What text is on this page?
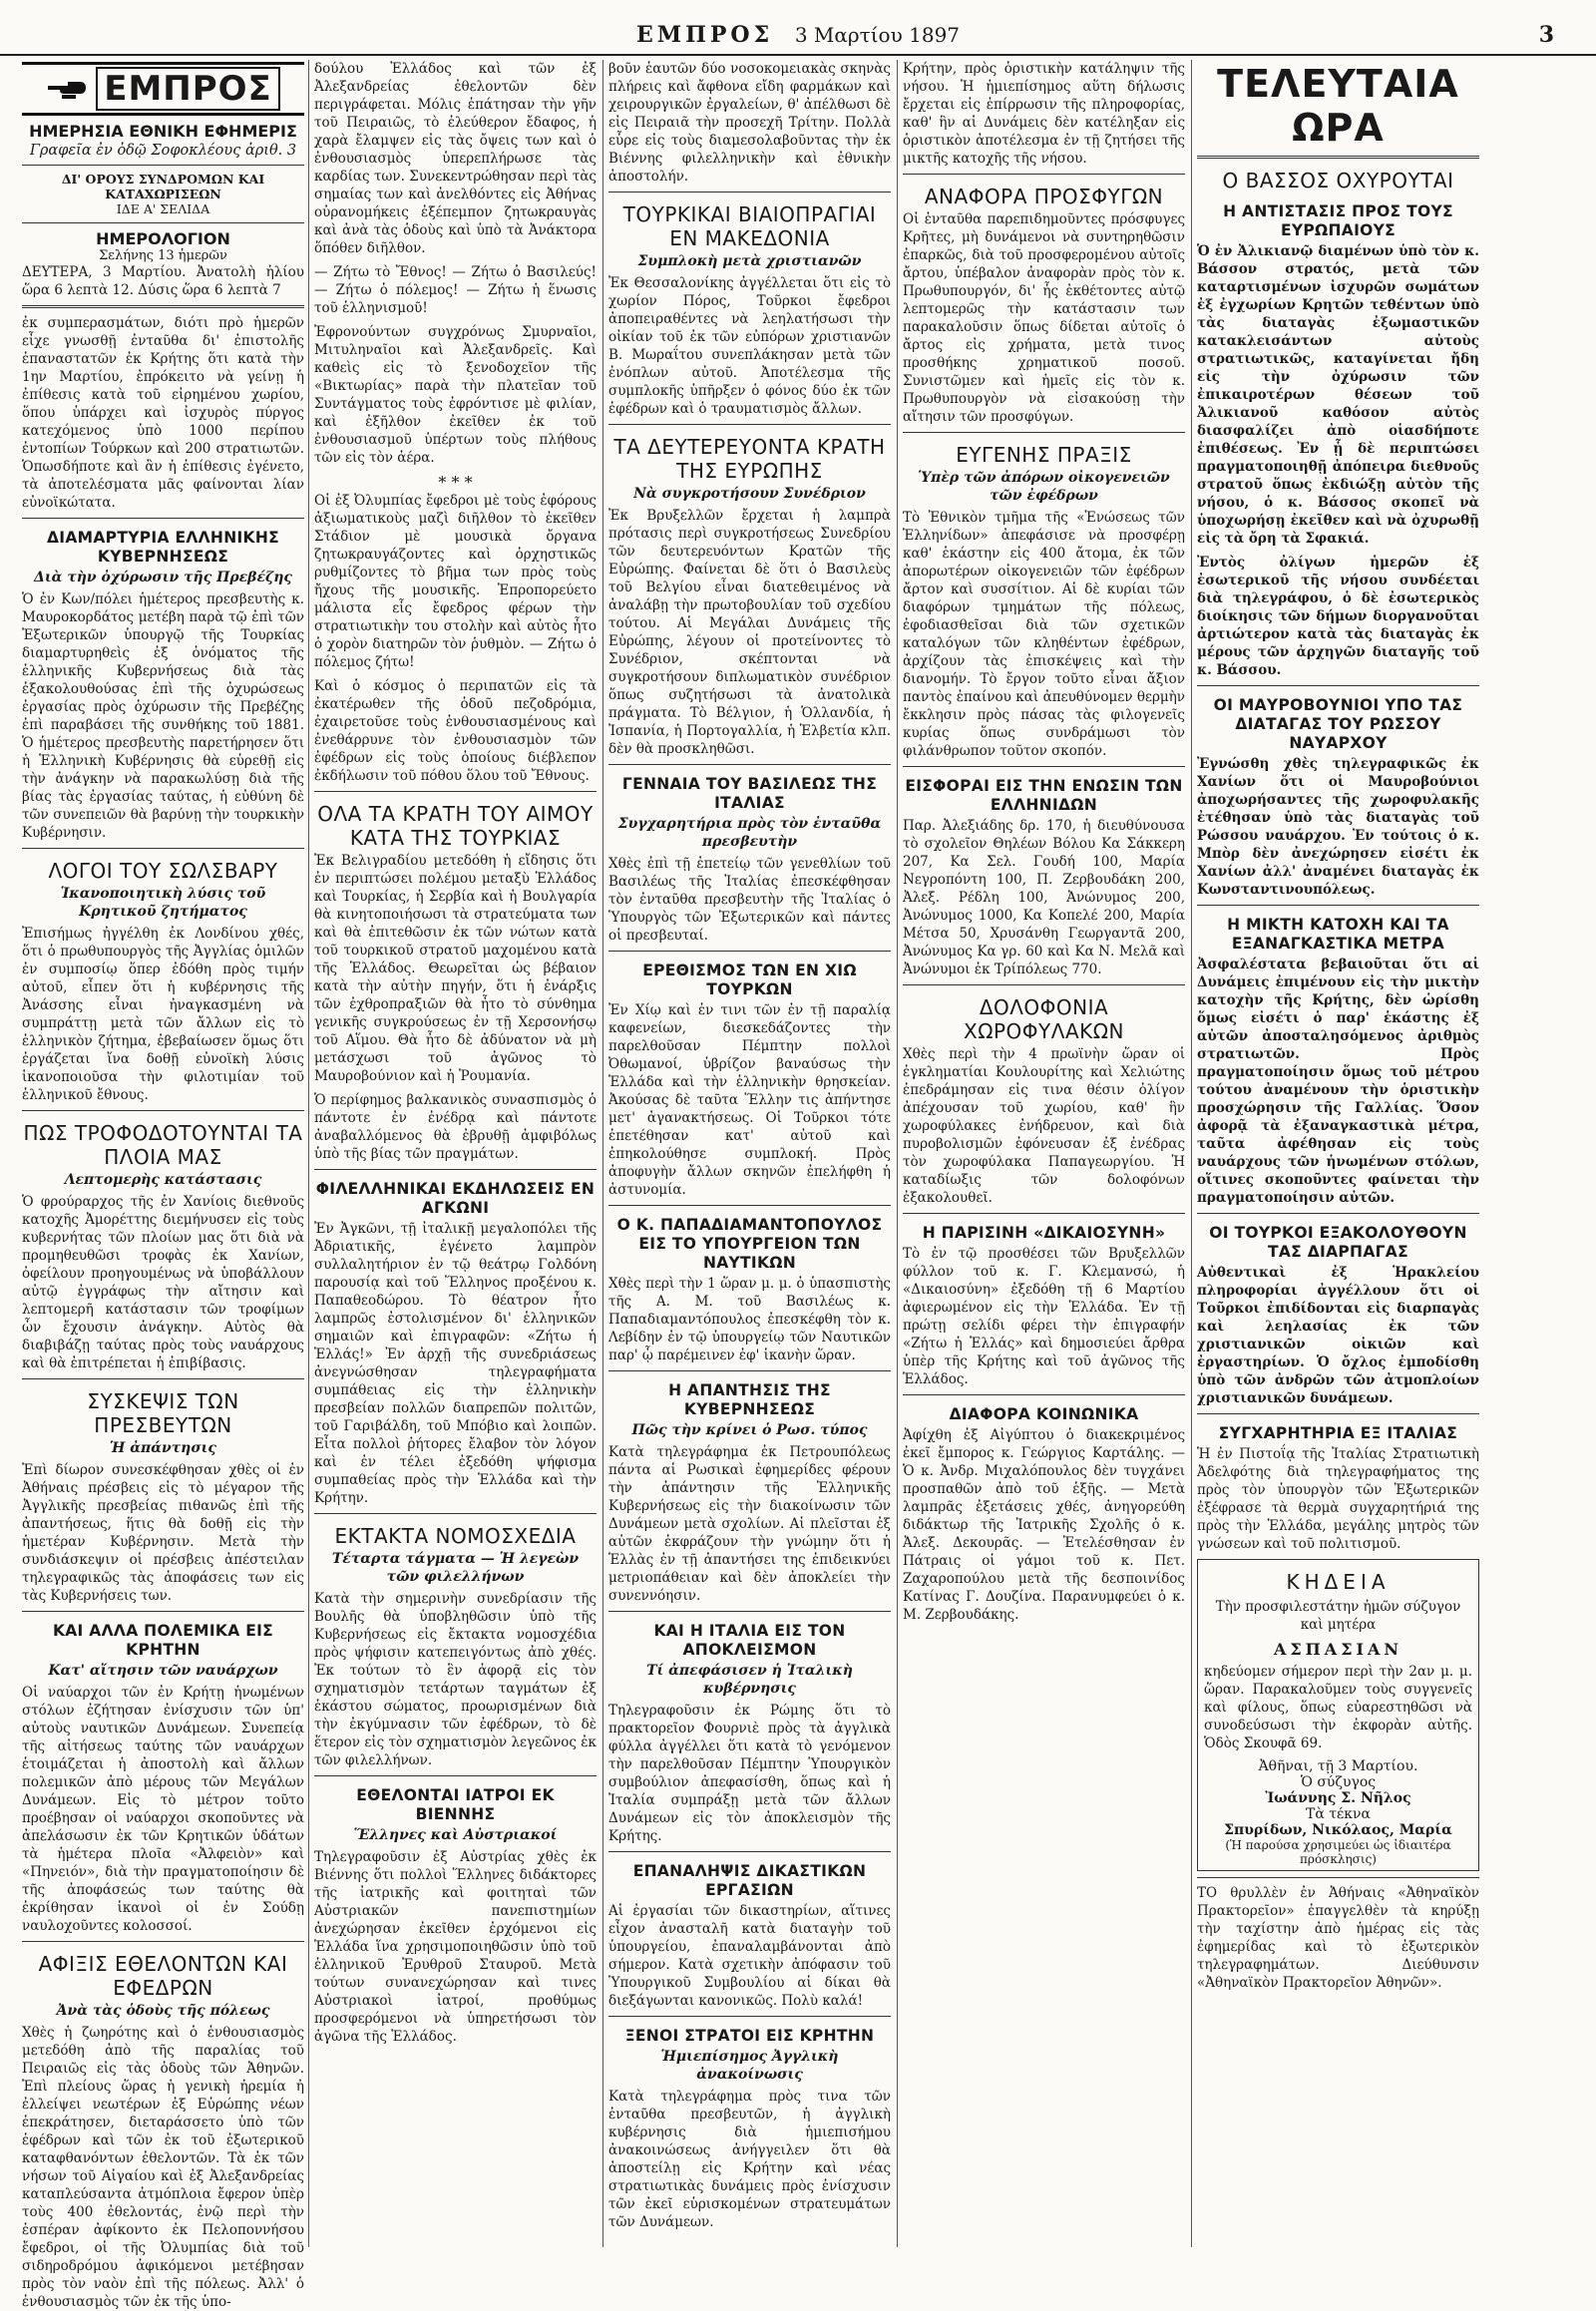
ΕΜΠΡΟΣ 3 Μαρτίου 1897	3
ΕΜΠΡΟΣ
ΗΜΕΡΗΣΙΑ ΕΘΝΙΚΗ ΕΦΗΜΕΡΙΣ
Γραφεῖα ἐν ὁδῷ Σοφοκλέους ἀριθ. 3
ΔΙ' ΟΡΟΥΣ ΣΥΝΔΡΟΜΩΝ ΚΑΙ ΚΑΤΑΧΩΡΙΣΕΩΝ
ΙΔΕ Α' ΣΕΛΙΔΑ
ΗΜΕΡΟΛΟΓΙΟΝ
Σελήνης 13 ἡμερῶν
ΔΕΥΤΕΡΑ, 3 Μαρτίου. Ἀνατολὴ ἡλίου ὥρα 6 λεπτὰ 12. Δύσις ὥρα 6 λεπτὰ 7

ἐκ συμπερασμάτων, διότι πρὸ ἡμερῶν εἶχε γνωσθῇ ἐνταῦθα δι' ἐπιστολῆς ἐπαναστατῶν ἐκ Κρήτης ὅτι κατὰ τὴν 1ην Μαρτίου, ἐπρόκειτο νὰ γείνῃ ἡ ἐπίθεσις κατὰ τοῦ εἰρημένου χωρίου, ὅπου ὑπάρχει καὶ ἰσχυρὸς πύργος κατεχόμενος ὑπὸ 1000 περίπου ἐντοπίων Τούρκων καὶ 200 στρατιωτῶν. Ὁπωσδήποτε καὶ ἂν ἡ ἐπίθεσις ἐγένετο, τὰ ἀποτελέσματα μᾶς φαίνονται λίαν εὐνοϊκώτατα.

ΔΙΑΜΑΡΤΥΡΙΑ ΕΛΛΗΝΙΚΗΣ ΚΥΒΕΡΝΗΣΕΩΣ
Διὰ τὴν ὀχύρωσιν τῆς Πρεβέζης

Ὁ ἐν Κων/πόλει ἡμέτερος πρεσβευτὴς κ. Μαυροκορδάτος μετέβη παρὰ τῷ ἐπὶ τῶν Ἐξωτερικῶν ὑπουργῷ τῆς Τουρκίας διαμαρτυρηθεὶς ἐξ ὀνόματος τῆς ἑλληνικῆς Κυβερνήσεως διὰ τὰς ἐξακολουθούσας ἐπὶ τῆς ὀχυρώσεως ἐργασίας πρὸς ὀχύρωσιν τῆς Πρεβέζης ἐπὶ παραβάσει τῆς συνθήκης τοῦ 1881. Ὁ ἡμέτερος πρεσβευτὴς παρετήρησεν ὅτι ἡ Ἑλληνικὴ Κυβέρνησις θὰ εὑρεθῇ εἰς τὴν ἀνάγκην νὰ παρακωλύσῃ διὰ τῆς βίας τὰς ἐργασίας ταύτας, ἡ εὐθύνη δὲ τῶν συνεπειῶν θὰ βαρύνῃ τὴν τουρκικὴν Κυβέρνησιν.

ΛΟΓΟΙ ΤΟΥ ΣΩΛΣΒΑΡΥ
Ἱκανοποιητικὴ λύσις τοῦ Κρητικοῦ ζητήματος

Ἐπισήμως ἠγγέλθη ἐκ Λονδίνου χθές, ὅτι ὁ πρωθυπουργὸς τῆς Ἀγγλίας ὁμιλῶν ἐν συμποσίῳ ὅπερ ἐδόθη πρὸς τιμήν αὐτοῦ, εἶπεν ὅτι ἡ κυβέρνησις τῆς Ἀνάσσης εἶναι ἠναγκασμένη νὰ συμπράττῃ μετὰ τῶν ἄλλων εἰς τὸ ἑλληνικὸν ζήτημα, ἐβεβαίωσεν ὅμως ὅτι ἐργάζεται ἵνα δοθῇ εὐνοϊκὴ λύσις ἱκανοποιοῦσα τὴν φιλοτιμίαν τοῦ ἑλληνικοῦ ἔθνους.

ΠΩΣ ΤΡΟΦΟΔΟΤΟΥΝΤΑΙ ΤΑ ΠΛΟΙΑ ΜΑΣ
Λεπτομερὴς κατάστασις

Ὁ φρούραρχος τῆς ἐν Χανίοις διεθνοῦς κατοχῆς Ἀμορέττης διεμήνυσεν εἰς τοὺς κυβερνήτας τῶν πλοίων μας ὅτι διὰ νὰ προμηθευθῶσι τροφὰς ἐκ Χανίων, ὀφείλουν προηγουμένως νὰ ὑποβάλλουν αὐτῷ ἐγγράφως τὴν αἴτησιν καὶ λεπτομερῆ κατάστασιν τῶν τροφίμων ὧν ἔχουσιν ἀνάγκην. Αὐτὸς θὰ διαβιβάζῃ ταύτας πρὸς τοὺς ναυάρχους καὶ θὰ ἐπιτρέπεται ἡ ἐπιβίβασις.

ΣΥΣΚΕΨΙΣ ΤΩΝ ΠΡΕΣΒΕΥΤΩΝ
Ἡ ἀπάντησις

Ἐπὶ δίωρον συνεσκέφθησαν χθὲς οἱ ἐν Ἀθήναις πρέσβεις εἰς τὸ μέγαρον τῆς Ἀγγλικῆς πρεσβείας πιθανῶς ἐπὶ τῆς ἀπαντήσεως, ἥτις θὰ δοθῇ εἰς τὴν ἡμετέραν Κυβέρνησιν. Μετὰ τὴν συνδιάσκεψιν οἱ πρέσβεις ἀπέστειλαν τηλεγραφικῶς τὰς ἀποφάσεις των εἰς τὰς Κυβερνήσεις των.

ΚΑΙ ΑΛΛΑ ΠΟΛΕΜΙΚΑ ΕΙΣ ΚΡΗΤΗΝ
Κατ' αἴτησιν τῶν ναυάρχων

Οἱ ναύαρχοι τῶν ἐν Κρήτῃ ἡνωμένων στόλων ἐζήτησαν ἐνίσχυσιν τῶν ὑπ' αὐτοὺς ναυτικῶν Δυνάμεων. Συνεπείᾳ τῆς αἰτήσεως ταύτης τῶν ναυάρχων ἑτοιμάζεται ἡ ἀποστολὴ καὶ ἄλλων πολεμικῶν ἀπὸ μέρους τῶν Μεγάλων Δυνάμεων. Εἰς τὸ μέτρον τοῦτο προέβησαν οἱ ναύαρχοι σκοποῦντες νὰ ἀπελάσωσιν ἐκ τῶν Κρητικῶν ὑδάτων τὰ ἡμέτερα πλοῖα «Ἀλφειὸν» καὶ «Πηνειόν», διὰ τὴν πραγματοποίησιν δὲ τῆς ἀποφάσεώς των ταύτης θὰ ἐκρίθησαν ἱκανοὶ οἱ ἐν Σούδῃ ναυλοχοῦντες κολοσσοί.

ΑΦΙΞΙΣ ΕΘΕΛΟΝΤΩΝ ΚΑΙ ΕΦΕΔΡΩΝ
Ἀνὰ τὰς ὁδοὺς τῆς πόλεως

Χθὲς ἡ ζωηρότης καὶ ὁ ἐνθουσιασμὸς μετεδόθη ἀπὸ τῆς παραλίας τοῦ Πειραιῶς εἰς τὰς ὁδοὺς τῶν Ἀθηνῶν. Ἐπὶ πλείους ὥρας ἡ γενικὴ ἠρεμία ἠ ἐλλείψει νεωτέρων ἐξ Εὐρώπης νέων ἐπεκράτησεν, διεταράσσετο ὑπὸ τῶν ἐφέδρων καὶ τῶν ἐκ τοῦ ἐξωτερικοῦ καταφθανόντων ἐθελοντῶν. Τὰ ἐκ τῶν νήσων τοῦ Αἰγαίου καὶ ἐξ Ἀλεξανδρείας καταπλεύσαντα ἀτμόπλοια ἔφερον ὑπὲρ τοὺς 400 ἐθελοντάς, ἐνῷ περὶ τὴν ἑσπέραν ἀφίκοντο ἐκ Πελοποννήσου ἔφεδροι, οἱ τῆς Ὀλυμπίας διὰ τοῦ σιδηροδρόμου ἀφικόμενοι μετέβησαν πρὸς τὸν ναὸν ἐπὶ τῆς πόλεως. Ἀλλ' ὁ ἐνθουσιασμὸς τῶν ἐκ τῆς ὑπο-

δούλου Ἑλλάδος καὶ τῶν ἐξ Ἀλεξανδρείας ἐθελοντῶν δὲν περιγράφεται. Μόλις ἐπάτησαν τὴν γῆν τοῦ Πειραιῶς, τὸ ἐλεύθερον ἔδαφος, ἡ χαρὰ ἔλαμψεν εἰς τὰς ὄψεις των καὶ ὁ ἐνθουσιασμὸς ὑπερεπλήρωσε τὰς καρδίας των. Συνεκεντρώθησαν περὶ τὰς σημαίας των καὶ ἀνελθόντες εἰς Ἀθήνας οὐρανομήκεις ἐξέπεμπον ζητωκραυγὰς καὶ ἀνὰ τὰς ὁδοὺς καὶ ὑπὸ τὰ Ἀνάκτορα ὅπόθεν διῆλθον.

— Ζήτω τὸ Ἔθνος! — Ζήτω ὁ Βασιλεύς! — Ζήτω ὁ πόλεμος! — Ζήτω ἡ ἕνωσις τοῦ ἑλληνισμοῦ!

Ἐφρονούντων συγχρόνως Σμυρναῖοι, Μιτυληναῖοι καὶ Ἀλεξανδρεῖς. Καὶ καθεὶς εἰς τὸ ξενοδοχεῖον τῆς «Βικτωρίας» παρὰ τὴν πλατεῖαν τοῦ Συντάγματος τοὺς ἐφρόντισε μὲ φιλίαν, καὶ ἐξῆλθον ἐκεῖθεν ἐκ τοῦ ἐνθουσιασμοῦ ὑπέρτων τοὺς πλήθους τῶν εἰς τὸν ἀέρα.

* * *

Οἱ ἐξ Ὀλυμπίας ἔφεδροι μὲ τοὺς ἐφόρους ἀξιωματικοὺς μαζὶ διῆλθον τὸ ἐκεῖθεν Στάδιον μὲ μουσικὰ ὄργανα ζητωκραυγάζοντες καὶ ὀρχηστικῶς ρυθμίζοντες τὸ βῆμα των πρὸς τοὺς ἤχους τῆς μουσικῆς. Ἐπροπορεύετο μάλιστα εἷς ἔφεδρος φέρων τὴν στρατιωτικὴν του στολὴν καὶ αὐτὸς ἦτο ὁ χορὸν διατηρῶν τὸν ῥυθμὸν. — Ζήτω ὁ πόλεμος ζήτω!

Καὶ ὁ κόσμος ὁ περιπατῶν εἰς τὰ ἐκατέρωθεν τῆς ὁδοῦ πεζοδρόμια, ἐχαιρετοῦσε τοὺς ἐνθουσιασμένους καὶ ἐνεθάρρυνε τὸν ἐνθουσιασμὸν τῶν ἐφέδρων εἰς τοὺς ὁποίους διέβλεπον ἐκδήλωσιν τοῦ πόθου ὅλου τοῦ Ἔθνους.

ΟΛΑ ΤΑ ΚΡΑΤΗ ΤΟΥ ΑΙΜΟΥ ΚΑΤΑ ΤΗΣ ΤΟΥΡΚΙΑΣ

Ἐκ Βελιγραδίου μετεδόθη ἡ εἴδησις ὅτι ἐν περιπτώσει πολέμου μεταξὺ Ἑλλάδος καὶ Τουρκίας, ἡ Σερβία καὶ ἡ Βουλγαρία θὰ κινητοποιήσωσι τὰ στρατεύματα των καὶ θὰ ἐπιτεθῶσιν ἐκ τῶν νώτων κατὰ τοῦ τουρκικοῦ στρατοῦ μαχομένου κατὰ τῆς Ἑλλάδος. Θεωρεῖται ὡς βέβαιον κατὰ τὴν αὐτὴν πηγήν, ὅτι ἡ ἐνάρξις τῶν ἐχθροπραξιῶν θὰ ἦτο τὸ σύνθημα γενικῆς συγκρούσεως ἐν τῇ Χερσονήσῳ τοῦ Αἵμου. Θὰ ἦτο δὲ ἀδύνατον νὰ μὴ μετάσχωσι τοῦ ἀγῶνος τὸ Μαυροβούνιον καὶ ἡ Ῥουμανία.

Ὁ περίφημος βαλκανικὸς συνασπισμὸς ὁ πάντοτε ἐν ἐνέδρᾳ καὶ πάντοτε ἀναβαλλόμενος θὰ ἐβρυθῇ ἀμφιβόλως ὑπὸ τῆς βίας τῶν πραγμάτων.

ΦΙΛΕΛΛΗΝΙΚΑΙ ΕΚΔΗΛΩΣΕΙΣ ΕΝ ΑΓΚΩΝΙ

Ἐν Ἀγκῶνι, τῇ ἰταλικῇ μεγαλοπόλει τῆς Ἀδριατικῆς, ἐγένετο λαμπρὸν συλλαλητήριον ἐν τῷ θεάτρῳ Γολδόνη παρουσίᾳ καὶ τοῦ Ἕλληνος προξένου κ. Παπαθεοδώρου. Τὸ θέατρον ἦτο λαμπρῶς ἐστολισμένον δι' ἑλληνικῶν σημαιῶν καὶ ἐπιγραφῶν: «Ζήτω ἡ Ἑλλάς!» Ἐν ἀρχῇ τῆς συνεδριάσεως ἀνεγνώσθησαν τηλεγραφήματα συμπάθειας εἰς τὴν ἑλληνικὴν πρεσβείαν πολλῶν διαπρεπῶν πολιτῶν, τοῦ Γαριβάλδη, τοῦ Μπόβιο καὶ λοιπῶν. Εἶτα πολλοὶ ῥήτορες ἔλαβον τὸν λόγον καὶ ἐν τέλει ἐξεδόθη ψήφισμα συμπαθείας πρὸς τὴν Ἑλλάδα καὶ τὴν Κρήτην.

ΕΚΤΑΚΤΑ ΝΟΜΟΣΧΕΔΙΑ
Τέταρτα τάγματα — Ἡ λεγεὼν τῶν φιλελλήνων

Κατὰ τὴν σημερινὴν συνεδρίασιν τῆς Βουλῆς θὰ ὑποβληθῶσιν ὑπὸ τῆς Κυβερνήσεως εἰς ἔκτακτα νομοσχέδια πρὸς ψήφισιν κατεπειγόντως ἀπὸ χθές. Ἐκ τούτων τὸ ἓν ἀφορᾷ εἰς τὸν σχηματισμὸν τετάρτων ταγμάτων ἐξ ἑκάστου σώματος, προωρισμένων διὰ τὴν ἐκγύμνασιν τῶν ἐφέδρων, τὸ δὲ ἕτερον εἰς τὸν σχηματισμὸν λεγεῶνος ἐκ τῶν φιλελλήνων.

ΕΘΕΛΟΝΤΑΙ ΙΑΤΡΟΙ ΕΚ ΒΙΕΝΝΗΣ
Ἕλληνες καὶ Αὐστριακοί

Τηλεγραφοῦσιν ἐξ Αὐστρίας χθὲς ἐκ Βιέννης ὅτι πολλοὶ Ἕλληνες διδάκτορες τῆς ἰατρικῆς καὶ φοιτηταὶ τῶν Αὐστριακῶν πανεπιστημίων ἀνεχώρησαν ἐκεῖθεν ἐρχόμενοι εἰς Ἑλλάδα ἵνα χρησιμοποιηθῶσιν ὑπὸ τοῦ ἑλληνικοῦ Ἐρυθροῦ Σταυροῦ. Μετὰ τούτων συνανεχώρησαν καὶ τινες Αὐστριακοὶ ἰατροί, προθύμως προσφερόμενοι νὰ ὑπηρετήσωσι τὸν ἀγῶνα τῆς Ἑλλάδος.

βοῦν ἑαυτῶν δύο νοσοκομειακὰς σκηνὰς πλήρεις καὶ ἄφθονα εἴδη φαρμάκων καὶ χειρουργικῶν ἐργαλείων, θ' ἀπέλθωσι δὲ εἰς Πειραιᾶ τὴν προσεχῆ Τρίτην. Πολλὰ εὗρε εἰς τοὺς διαμεσολαβοῦντας τὴν ἐκ Βιέννης φιλελληνικὴν καὶ ἐθνικὴν ἀποστολήν.

ΤΟΥΡΚΙΚΑΙ ΒΙΑΙΟΠΡΑΓΙΑΙ ΕΝ ΜΑΚΕΔΟΝΙΑ
Συμπλοκὴ μετὰ χριστιανῶν

Ἐκ Θεσσαλονίκης ἀγγέλλεται ὅτι εἰς τὸ χωρίον Πόρος, Τοῦρκοι ἔφεδροι ἀποπειραθέντες νὰ λεηλατήσωσι τὴν οἰκίαν τοῦ ἐκ τῶν εὐπόρων χριστιανῶν Β. Μωραΐτου συνεπλάκησαν μετὰ τῶν ἐνόπλων αὐτοῦ. Ἀποτέλεσμα τῆς συμπλοκῆς ὑπῆρξεν ὁ φόνος δύο ἐκ τῶν ἐφέδρων καὶ ὁ τραυματισμὸς ἄλλων.

ΤΑ ΔΕΥΤΕΡΕΥΟΝΤΑ ΚΡΑΤΗ ΤΗΣ ΕΥΡΩΠΗΣ
Νὰ συγκροτήσουν Συνέδριον

Ἐκ Βρυξελλῶν ἔρχεται ἡ λαμπρὰ πρότασις περὶ συγκροτήσεως Συνεδρίου τῶν δευτερευόντων Κρατῶν τῆς Εὐρώπης. Φαίνεται δὲ ὅτι ὁ Βασιλεὺς τοῦ Βελγίου εἶναι διατεθειμένος νὰ ἀναλάβῃ τὴν πρωτοβουλίαν τοῦ σχεδίου τούτου. Αἱ Μεγάλαι Δυνάμεις τῆς Εὐρώπης, λέγουν οἱ προτείνοντες τὸ Συνέδριον, σκέπτονται νὰ συγκροτήσουν διπλωματικὸν συνέδριον ὅπως συζητήσωσι τὰ ἀνατολικὰ πράγματα. Τὸ Βέλγιον, ἡ Ὁλλανδία, ἡ Ἰσπανία, ἡ Πορτογαλλία, ἡ Ἑλβετία κλπ. δὲν θὰ προσκληθῶσι.

ΓΕΝΝΑΙΑ ΤΟΥ ΒΑΣΙΛΕΩΣ ΤΗΣ ΙΤΑΛΙΑΣ
Συγχαρητήρια πρὸς τὸν ἐνταῦθα πρεσβευτὴν

Χθὲς ἐπὶ τῇ ἐπετείῳ τῶν γενεθλίων τοῦ Βασιλέως τῆς Ἰταλίας ἐπεσκέφθησαν τὸν ἐνταῦθα πρεσβευτὴν τῆς Ἰταλίας ὁ Ὑπουργὸς τῶν Ἐξωτερικῶν καὶ πάντες οἱ πρεσβευταί.

ΕΡΕΘΙΣΜΟΣ ΤΩΝ ΕΝ ΧΙΩ ΤΟΥΡΚΩΝ

Ἐν Χίῳ καὶ ἐν τινι τῶν ἐν τῇ παραλίᾳ καφενείων, διεσκεδάζοντες τὴν παρελθοῦσαν Πέμπτην πολλοὶ Ὀθωμανοί, ὑβρίζον βαναύσως τὴν Ἑλλάδα καὶ τὴν ἑλληνικὴν θρησκείαν. Ἀκούσας δὲ ταῦτα Ἕλλην τις ἀπήντησε μετ' ἀγανακτήσεως. Οἱ Τοῦρκοι τότε ἐπετέθησαν κατ' αὐτοῦ καὶ ἐπηκολούθησε συμπλοκή. Πρὸς ἀποφυγὴν ἄλλων σκηνῶν ἐπελήφθη ἡ ἀστυνομία.

Ο Κ. ΠΑΠΑΔΙΑΜΑΝΤΟΠΟΥΛΟΣ ΕΙΣ ΤΟ ΥΠΟΥΡΓΕΙΟΝ ΤΩΝ ΝΑΥΤΙΚΩΝ

Χθὲς περὶ τὴν 1 ὥραν μ. μ. ὁ ὑπασπιστὴς τῆς Α. Μ. τοῦ Βασιλέως κ. Παπαδιαμαντόπουλος ἐπεσκέφθη τὸν κ. Λεβίδην ἐν τῷ ὑπουργείῳ τῶν Ναυτικῶν παρ' ᾧ παρέμεινεν ἐφ' ἱκανὴν ὥραν.

Η ΑΠΑΝΤΗΣΙΣ ΤΗΣ ΚΥΒΕΡΝΗΣΕΩΣ
Πῶς τὴν κρίνει ὁ Ρωσ. τύπος

Κατὰ τηλεγράφημα ἐκ Πετρουπόλεως πάντα αἱ Ρωσικαὶ ἐφημερίδες φέρουν τὴν ἀπάντησιν τῆς Ἑλληνικῆς Κυβερνήσεως εἰς τὴν διακοίνωσιν τῶν Δυνάμεων μετὰ σχολίων. Αἱ πλεῖσται ἐξ αὐτῶν ἐκφράζουν τὴν γνώμην ὅτι ἡ Ἑλλὰς ἐν τῇ ἀπαντήσει της ἐπιδεικνύει μετριοπάθειαν καὶ δὲν ἀποκλείει τὴν συνεννόησιν.

ΚΑΙ Η ΙΤΑΛΙΑ ΕΙΣ ΤΟΝ ΑΠΟΚΛΕΙΣΜΟΝ
Τί ἀπεφάσισεν ἡ Ἰταλικὴ κυβέρνησις

Τηλεγραφοῦσιν ἐκ Ρώμης ὅτι τὸ πρακτορεῖον Φουρνιὲ πρὸς τὰ ἀγγλικὰ φύλλα ἀγγέλλει ὅτι κατὰ τὸ γενόμενον τὴν παρελθοῦσαν Πέμπτην Ὑπουργικὸν συμβούλιον ἀπεφασίσθη, ὅπως καὶ ἡ Ἰταλία συμπράξῃ μετὰ τῶν ἄλλων Δυνάμεων εἰς τὸν ἀποκλεισμὸν τῆς Κρήτης.

ΕΠΑΝΑΛΗΨΙΣ ΔΙΚΑΣΤΙΚΩΝ ΕΡΓΑΣΙΩΝ

Αἱ ἐργασίαι τῶν δικαστηρίων, αἵτινες εἶχον ἀνασταλῆ κατὰ διαταγὴν τοῦ ὑπουργείου, ἐπαναλαμβάνονται ἀπὸ σήμερον. Κατὰ σχετικὴν ἀπόφασιν τοῦ Ὑπουργικοῦ Συμβουλίου αἱ δίκαι θὰ διεξάγωνται κανονικῶς. Πολὺ καλά!

ΞΕΝΟΙ ΣΤΡΑΤΟΙ ΕΙΣ ΚΡΗΤΗΝ
Ἡμιεπίσημος Ἀγγλικὴ ἀνακοίνωσις

Κατὰ τηλεγράφημα πρὸς τινα τῶν ἐνταῦθα πρεσβευτῶν, ἡ ἀγγλικὴ κυβέρνησις διὰ ἡμιεπισήμου ἀνακοινώσεως ἀνήγγειλεν ὅτι θὰ ἀποστείλῃ εἰς Κρήτην καὶ νέας στρατιωτικὰς δυνάμεις πρὸς ἐνίσχυσιν τῶν ἐκεῖ εὑρισκομένων στρατευμάτων τῶν Δυνάμεων.

Κρήτην, πρὸς ὁριστικὴν κατάληψιν τῆς νήσου. Ἡ ἡμιεπίσημος αὕτη δήλωσις ἔρχεται εἰς ἐπίρρωσιν τῆς πληροφορίας, καθ' ἣν αἱ Δυνάμεις δὲν κατέληξαν εἰς ὁριστικὸν ἀποτέλεσμα ἐν τῇ ζητήσει τῆς μικτῆς κατοχῆς τῆς νήσου.

ΑΝΑΦΟΡΑ ΠΡΟΣΦΥΓΩΝ

Οἱ ἐνταῦθα παρεπιδημοῦντες πρόσφυγες Κρῆτες, μὴ δυνάμενοι νὰ συντηρηθῶσιν ἐπαρκῶς, διὰ τοῦ προσφερομένου αὐτοῖς ἄρτου, ὑπέβαλον ἀναφορὰν πρὸς τὸν κ. Πρωθυπουργόν, δι' ἧς ἐκθέτοντες αὐτῷ λεπτομερῶς τὴν κατάστασιν των παρακαλοῦσιν ὅπως δίδεται αὐτοῖς ὁ ἄρτος εἰς χρήματα, μετὰ τινος προσθήκης χρηματικοῦ ποσοῦ. Συνιστῶμεν καὶ ἡμεῖς εἰς τὸν κ. Πρωθυπουργὸν νὰ εἰσακούσῃ τὴν αἴτησιν τῶν προσφύγων.

ΕΥΓΕΝΗΣ ΠΡΑΞΙΣ
Ὑπὲρ τῶν ἀπόρων οἰκογενειῶν τῶν ἐφέδρων

Τὸ Ἐθνικὸν τμῆμα τῆς «Ἑνώσεως τῶν Ἑλληνίδων» ἀπεφάσισε νὰ προσφέρῃ καθ' ἑκάστην εἰς 400 ἄτομα, ἐκ τῶν ἀπορωτέρων οἰκογενειῶν τῶν ἐφέδρων ἄρτον καὶ συσσίτιον. Αἱ δὲ κυρίαι τῶν διαφόρων τμημάτων τῆς πόλεως, ἐφοδιασθεῖσαι διὰ τῶν σχετικῶν καταλόγων τῶν κληθέντων ἐφέδρων, ἀρχίζουν τὰς ἐπισκέψεις καὶ τὴν διανομήν. Τὸ ἔργον τοῦτο εἶναι ἄξιον παντὸς ἐπαίνου καὶ ἀπευθύνομεν θερμὴν ἔκκλησιν πρὸς πάσας τὰς φιλογενεῖς κυρίας ὅπως συνδράμωσι τὸν φιλάνθρωπον τοῦτον σκοπόν.

ΕΙΣΦΟΡΑΙ ΕΙΣ ΤΗΝ ΕΝΩΣΙΝ ΤΩΝ ΕΛΛΗΝΙΔΩΝ

Παρ. Ἀλεξιάδης δρ. 170, ἡ διευθύνουσα τὸ σχολεῖον Θηλέων Βόλου Κα Σάκκερη 207, Κα Σελ. Γουδή 100, Μαρία Νεγροπόντη 100, Π. Ζερβουδάκη 200, Ἀλεξ. Ρέδλη 100, Ἀνώνυμος 200, Ἀνώνυμος 1000, Κα Κοπελέ 200, Μαρία Μέτσα 50, Χρυσάνθη Γεωργαντᾶ 200, Ἀνώνυμος Κα γρ. 60 καὶ Κα Ν. Μελᾶ καὶ Ἀνώνυμοι ἐκ Τρίπόλεως 770.

ΔΟΛΟΦΟΝΙΑ ΧΩΡΟΦΥΛΑΚΩΝ

Χθὲς περὶ τὴν 4 πρωϊνὴν ὥραν οἱ ἐγκληματίαι Κουλουρίτης καὶ Χελιώτης ἐπεδράμησαν εἰς τινα θέσιν ὀλίγον ἀπέχουσαν τοῦ χωρίου, καθ' ἣν χωροφύλακες ἐνήδρευον, καὶ διὰ πυροβολισμῶν ἐφόνευσαν ἐξ ἐνέδρας τὸν χωροφύλακα Παπαγεωργίου. Ἡ καταδίωξις τῶν δολοφόνων ἐξακολουθεῖ.

Η ΠΑΡΙΣΙΝΗ «ΔΙΚΑΙΟΣΥΝΗ»

Τὸ ἐν τῷ προσθέσει τῶν Βρυξελλῶν φύλλον τοῦ κ. Γ. Κλεμανσώ, ἡ «Δικαιοσύνη» ἐξεδόθη τῇ 6 Μαρτίου ἀφιερωμένον εἰς τὴν Ἑλλάδα. Ἐν τῇ πρώτῃ σελίδι φέρει τὴν ἐπιγραφήν «Ζήτω ἡ Ἑλλάς» καὶ δημοσιεύει ἄρθρα ὑπὲρ τῆς Κρήτης καὶ τοῦ ἀγῶνος τῆς Ἑλλάδος.

ΔΙΑΦΟΡΑ ΚΟΙΝΩΝΙΚΑ

Ἀφίχθη ἐξ Αἰγύπτου ὁ διακεκριμένος ἐκεῖ ἔμπορος κ. Γεώργιος Καρτάλης. — Ὁ κ. Ἀνδρ. Μιχαλόπουλος δὲν τυγχάνει προσπαθῶν ἀπὸ τοῦ ἑξῆς. — Μετὰ λαμπρᾶς ἐξετάσεις χθές, ἀνηγορεύθη διδάκτωρ τῆς Ἰατρικῆς Σχολῆς ὁ κ. Ἀλεξ. Δεκουρᾶς. — Ἐτελέσθησαν ἐν Πάτραις οἱ γάμοι τοῦ κ. Πετ. Ζαχαροπούλου μετὰ τῆς δεσποινίδος Κατίνας Γ. Δουζίνα. Παρανυμφεύει ὁ κ. Μ. Ζερβουδάκης.

ΤΕΛΕΥΤΑΙΑ ΩΡΑ
Ο ΒΑΣΣΟΣ ΟΧΥΡΟΥΤΑΙ
Η ΑΝΤΙΣΤΑΣΙΣ ΠΡΟΣ ΤΟΥΣ ΕΥΡΩΠΑΙΟΥΣ

Ὁ ἐν Ἀλικιανῷ διαμένων ὑπὸ τὸν κ. Βάσσον στρατός, μετὰ τῶν καταρτισμένων ἰσχυρῶν σωμάτων ἐξ ἐγχωρίων Κρητῶν τεθέντων ὑπὸ τὰς διαταγὰς ἐξωμαστικῶν κατακλεισάντων αὐτοὺς στρατιωτικῶς, καταγίνεται ἤδη εἰς τὴν ὀχύρωσιν τῶν ἐπικαιροτέρων θέσεων τοῦ Ἀλικιανοῦ καθόσον αὐτὸς διασφαλίζει ἀπὸ οἱασδήποτε ἐπιθέσεως. Ἐν ᾗ δὲ περιπτώσει πραγματοποιηθῇ ἀπόπειρα διεθνοῦς στρατοῦ ὅπως ἐκδιώξῃ αὐτὸν τῆς νήσου, ὁ κ. Βάσσος σκοπεῖ νὰ ὑποχωρήσῃ ἐκεῖθεν καὶ νὰ ὀχυρωθῇ εἰς τὰ ὄρη τὰ Σφακιά.

Ἐντὸς ὀλίγων ἡμερῶν ἐξ ἐσωτερικοῦ τῆς νήσου συνδέεται διὰ τηλεγράφου, ὁ δὲ ἐσωτερικὸς διοίκησις τῶν δήμων διοργανοῦται ἀρτιώτερον κατὰ τὰς διαταγὰς ἐκ μέρους τῶν ἀρχηγῶν διαταγῆς τοῦ κ. Βάσσου.

ΟΙ ΜΑΥΡΟΒΟΥΝΙΟΙ ΥΠΟ ΤΑΣ ΔΙΑΤΑΓΑΣ ΤΟΥ ΡΩΣΣΟΥ ΝΑΥΑΡΧΟΥ

Ἐγνώσθη χθὲς τηλεγραφικῶς ἐκ Χανίων ὅτι οἱ Μαυροβούνιοι ἀποχωρήσαντες τῆς χωροφυλακῆς ἐτέθησαν ὑπὸ τὰς διαταγὰς τοῦ Ρώσσου ναυάρχου. Ἐν τούτοις ὁ κ. Μπὸρ δὲν ἀνεχώρησεν εἰσέτι ἐκ Χανίων ἀλλ' ἀναμένει διαταγὰς ἐκ Κωνσταντινουπόλεως.

Η ΜΙΚΤΗ ΚΑΤΟΧΗ ΚΑΙ ΤΑ ΕΞΑΝΑΓΚΑΣΤΙΚΑ ΜΕΤΡΑ

Ἀσφαλέστατα βεβαιοῦται ὅτι αἱ Δυνάμεις ἐπιμένουν εἰς τὴν μικτὴν κατοχὴν τῆς Κρήτης, δὲν ὡρίσθη ὅμως εἰσέτι ὁ παρ' ἑκάστης ἐξ αὐτῶν ἀποσταλησόμενος ἀριθμὸς στρατιωτῶν. Πρὸς πραγματοποίησιν ὅμως τοῦ μέτρου τούτου ἀναμένουν τὴν ὁριστικὴν προσχώρησιν τῆς Γαλλίας. Ὅσον ἀφορᾷ τὰ ἐξαναγκαστικὰ μέτρα, ταῦτα ἀφέθησαν εἰς τοὺς ναυάρχους τῶν ἡνωμένων στόλων, οἵτινες σκοποῦντες φαίνεται τὴν πραγματοποίησιν αὐτῶν.

ΟΙ ΤΟΥΡΚΟΙ ΕΞΑΚΟΛΟΥΘΟΥΝ ΤΑΣ ΔΙΑΡΠΑΓΑΣ

Αὐθεντικαὶ ἐξ Ἡρακλείου πληροφορίαι ἀγγέλλουν ὅτι οἱ Τοῦρκοι ἐπιδίδονται εἰς διαρπαγὰς καὶ λεηλασίας ἐκ τῶν χριστιανικῶν οἰκιῶν καὶ ἐργαστηρίων. Ὁ ὄχλος ἐμποδίσθη ὑπὸ τῶν ἀνδρῶν τῶν ἀτμοπλοίων χριστιανικῶν δυνάμεων.

ΣΥΓΧΑΡΗΤΗΡΙΑ ΕΞ ΙΤΑΛΙΑΣ

Ἡ ἐν Πιστοΐᾳ τῆς Ἰταλίας Στρατιωτικὴ Ἀδελφότης διὰ τηλεγραφήματος της πρὸς τὸν ὑπουργὸν τῶν Ἐξωτερικῶν ἐξέφρασε τὰ θερμὰ συγχαρητήριά της πρὸς τὴν Ἑλλάδα, μεγάλης μητρὸς τῶν γνώσεων καὶ τοῦ πολιτισμοῦ.

ΚΗΔΕΙΑ

Τὴν προσφιλεστάτην ἡμῶν σύζυγον καὶ μητέρα

ΑΣΠΑΣΙΑΝ

κηδεύομεν σήμερον περὶ τὴν 2αν μ. μ. ὥραν. Παρακαλοῦμεν τοὺς συγγενεῖς καὶ φίλους, ὅπως εὐαρεστηθῶσι νὰ συνοδεύσωσι τὴν ἐκφορὰν αὐτῆς. Ὁδὸς Σκουφᾶ 69.

Ἀθῆναι, τῇ 3 Μαρτίου.
Ὁ σύζυγος
Ἰωάννης Σ. Νῆλος
Τὰ τέκνα
Σπυρίδων, Νικόλαος, Μαρία
(Ἡ παρούσα χρησιμεύει ὡς ἰδιαιτέρα πρόσκλησις)

ΤΟ θρυλλὲν ἐν Ἀθήναις «Ἀθηναϊκὸν Πρακτορεῖον» ἐπαγγελθὲν τὰ κηρύξῃ τὴν ταχίστην ἀπὸ ἡμέρας εἰς τὰς ἐφημερίδας καὶ τὸ ἐξωτερικὸν τηλεγραφημάτων. Διεύθυνσιν «Ἀθηναϊκὸν Πρακτορεῖον Ἀθηνῶν».
